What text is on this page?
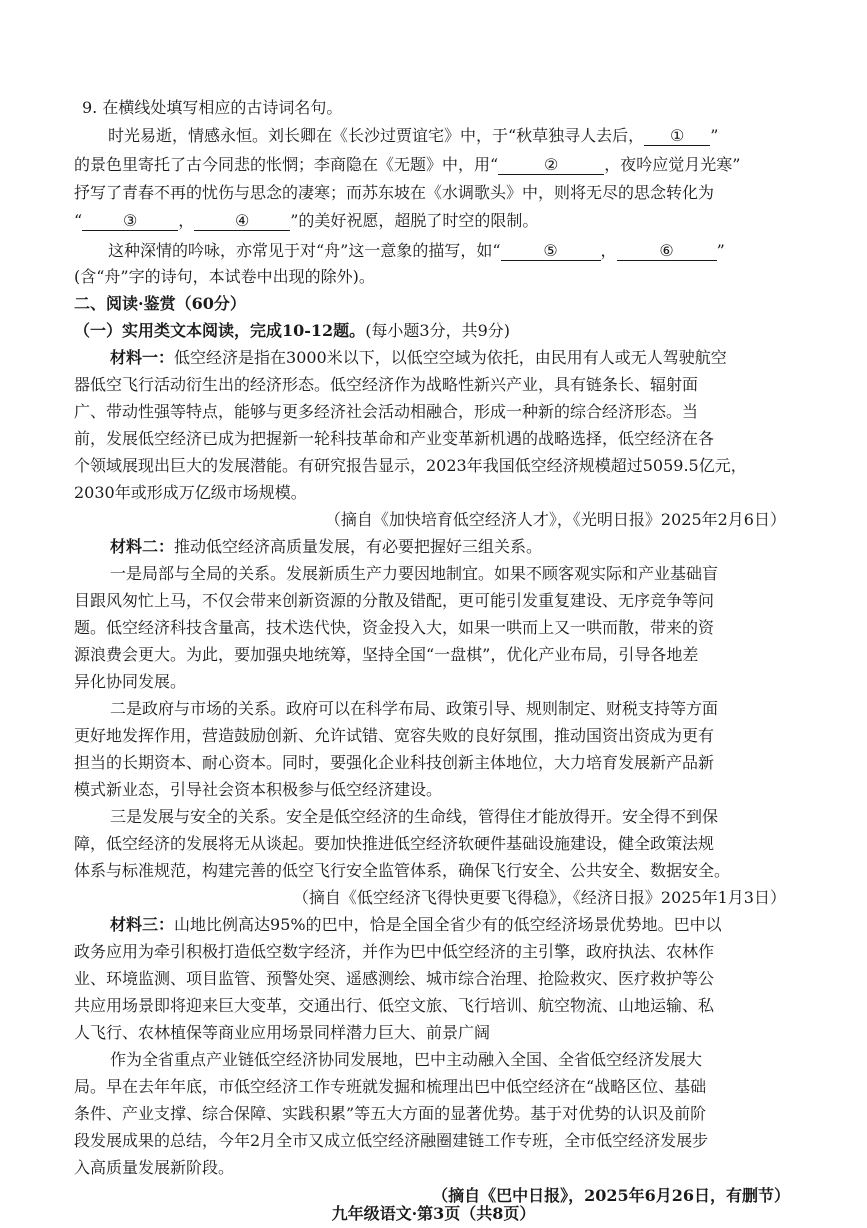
9. 在横线处填写相应的古诗词名句。
时光易逝，情感永恒。刘长卿在《长沙过贾谊宅》中，于“秋草独寻人去后， ① ”
的景色里寄托了古今同悲的怅惘；李商隐在《无题》中，用“	②	，夜吟应觉月光寒”
抒写了青春不再的忧伤与思念的凄寒；而苏东坡在《水调歌头》中，则将无尽的思念转化为
“	③	，	④	”的美好祝愿，超脱了时空的限制。
这种深情的吟咏，亦常见于对“舟”这一意象的描写，如“	⑤	，	⑥	”
(含“舟”字的诗句，本试卷中出现的除外)。
二、阅读·鉴赏（60分）
（一）实用类文本阅读，完成10-12题。(每小题3分，共9分)
材料一：低空经济是指在3000米以下，以低空空域为依托，由民用有人或无人驾驶航空
器低空飞行活动衍生出的经济形态。低空经济作为战略性新兴产业，具有链条长、辐射面
广、带动性强等特点，能够与更多经济社会活动相融合，形成一种新的综合经济形态。当
前，发展低空经济已成为把握新一轮科技革命和产业变革新机遇的战略选择，低空经济在各
个领域展现出巨大的发展潜能。有研究报告显示，2023年我国低空经济规模超过5059.5亿元，
2030年或形成万亿级市场规模。
（摘自《加快培育低空经济人才》，《光明日报》2025年2月6日）
材料二：推动低空经济高质量发展，有必要把握好三组关系。
一是局部与全局的关系。发展新质生产力要因地制宜。如果不顾客观实际和产业基础盲
目跟风匆忙上马，不仅会带来创新资源的分散及错配，更可能引发重复建设、无序竞争等问
题。低空经济科技含量高，技术迭代快，资金投入大，如果一哄而上又一哄而散，带来的资
源浪费会更大。为此，要加强央地统筹，坚持全国“一盘棋”，优化产业布局，引导各地差
异化协同发展。
二是政府与市场的关系。政府可以在科学布局、政策引导、规则制定、财税支持等方面
更好地发挥作用，营造鼓励创新、允许试错、宽容失败的良好氛围，推动国资出资成为更有
担当的长期资本、耐心资本。同时，要强化企业科技创新主体地位，大力培育发展新产品新
模式新业态，引导社会资本积极参与低空经济建设。
三是发展与安全的关系。安全是低空经济的生命线，管得住才能放得开。安全得不到保
障，低空经济的发展将无从谈起。要加快推进低空经济软硬件基础设施建设，健全政策法规
体系与标准规范，构建完善的低空飞行安全监管体系，确保飞行安全、公共安全、数据安全。
（摘自《低空经济飞得快更要飞得稳》，《经济日报》2025年1月3日）
材料三：山地比例高达95%的巴中，恰是全国全省少有的低空经济场景优势地。巴中以
政务应用为牵引积极打造低空数字经济，并作为巴中低空经济的主引擎，政府执法、农林作
业、环境监测、项目监管、预警处突、遥感测绘、城市综合治理、抢险救灾、医疗救护等公
共应用场景即将迎来巨大变革，交通出行、低空文旅、飞行培训、航空物流、山地运输、私
人飞行、农林植保等商业应用场景同样潜力巨大、前景广阔
作为全省重点产业链低空经济协同发展地，巴中主动融入全国、全省低空经济发展大
局。早在去年年底，市低空经济工作专班就发掘和梳理出巴中低空经济在“战略区位、基础
条件、产业支撑、综合保障、实践积累”等五大方面的显著优势。基于对优势的认识及前阶
段发展成果的总结，今年2月全市又成立低空经济融圈建链工作专班，全市低空经济发展步
入高质量发展新阶段。
（摘自《巴中日报》，2025年6月26日，有删节）
九年级语文·第3页（共8页）
